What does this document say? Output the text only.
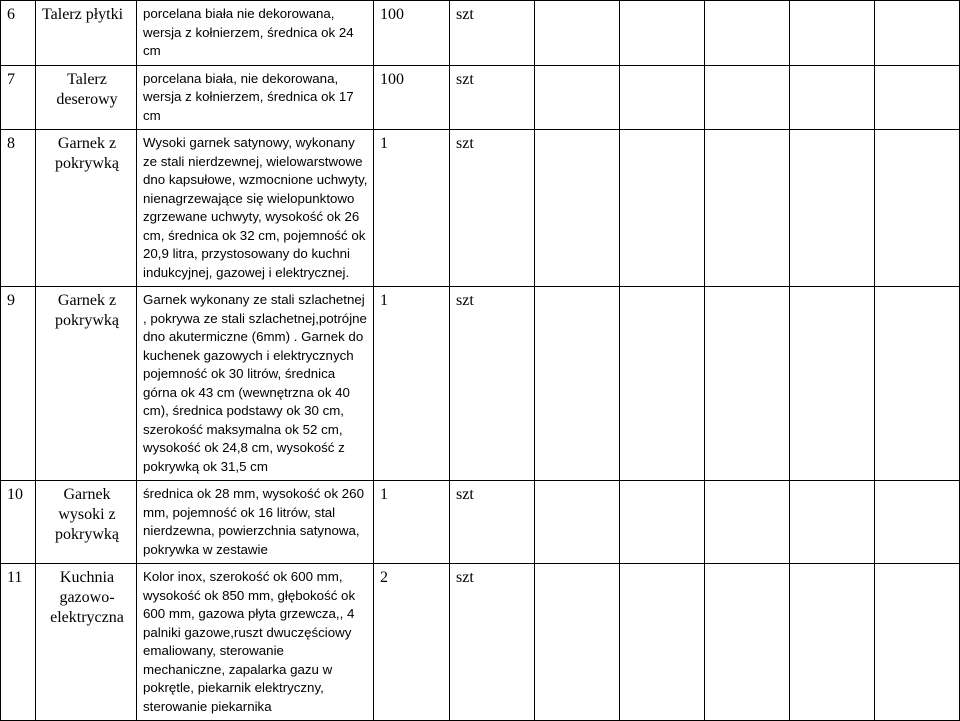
6	Talerz płytki	porcelana biała nie dekorowana, wersja z kołnierzem, średnica ok 24 cm	100	szt					
7	Talerz deserowy	porcelana biała, nie dekorowana, wersja z kołnierzem, średnica ok 17 cm	100	szt					
8	Garnek z pokrywką	Wysoki garnek satynowy, wykonany ze stali nierdzewnej, wielowarstwowe dno kapsułowe, wzmocnione uchwyty, nienagrzewające się wielopunktowo zgrzewane uchwyty, wysokość ok 26 cm, średnica ok 32 cm, pojemność ok 20,9 litra, przystosowany do kuchni indukcyjnej, gazowej i elektrycznej.	1	szt					
9	Garnek z pokrywką	Garnek wykonany ze stali szlachetnej , pokrywa ze stali szlachetnej,potrójne dno akutermiczne (6mm) . Garnek do kuchenek gazowych i elektrycznych pojemność ok 30 litrów, średnica górna ok 43 cm (wewnętrzna ok 40 cm), średnica podstawy ok 30 cm, szerokość maksymalna ok 52 cm, wysokość ok 24,8 cm, wysokość z pokrywką ok 31,5 cm	1	szt					
10	Garnek wysoki z pokrywką	średnica ok 28 mm, wysokość ok 260 mm, pojemność ok 16 litrów, stal nierdzewna, powierzchnia satynowa, pokrywka w zestawie	1	szt					
11	Kuchnia gazowo-elektryczna	Kolor inox, szerokość ok 600 mm, wysokość ok 850 mm, głębokość ok 600 mm, gazowa płyta grzewcza,, 4 palniki gazowe,ruszt dwuczęściowy emaliowany, sterowanie mechaniczne, zapalarka gazu w pokrętle, piekarnik elektryczny, sterowanie piekarnika	2	szt					
